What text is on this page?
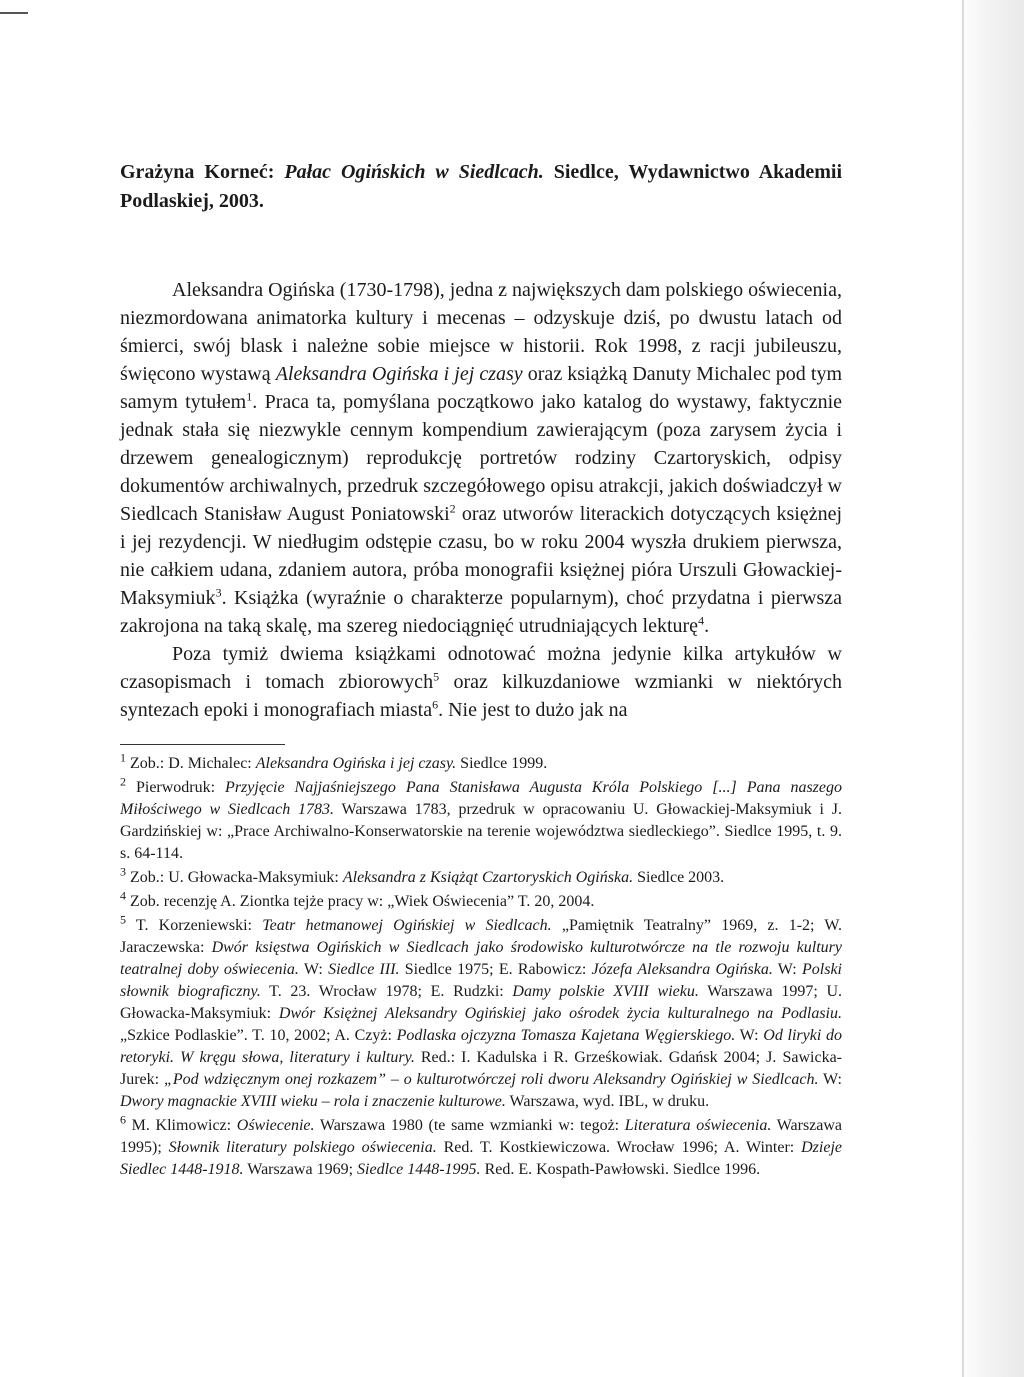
Grażyna Korneć: Pałac Ogińskich w Siedlcach. Siedlce, Wydawnictwo Akademii Podlaskiej, 2003.

Aleksandra Ogińska (1730-1798), jedna z największych dam polskiego oświecenia, niezmordowana animatorka kultury i mecenas – odzyskuje dziś, po dwustu latach od śmierci, swój blask i należne sobie miejsce w historii. Rok 1998, z racji jubileuszu, święcono wystawą Aleksandra Ogińska i jej czasy oraz książką Danuty Michalec pod tym samym tytułem$^1$. Praca ta, pomyślana początkowo jako katalog do wystawy, faktycznie jednak stała się niezwykle cennym kompendium zawierającym (poza zarysem życia i drzewem genealogicznym) reprodukcję portretów rodziny Czartoryskich, odpisy dokumentów archiwalnych, przedruk szczegółowego opisu atrakcji, jakich doświadczył w Siedlcach Stanisław August Poniatowski$^2$ oraz utworów literackich dotyczących księżnej i jej rezydencji. W niedługim odstępie czasu, bo w roku 2004 wyszła drukiem pierwsza, nie całkiem udana, zdaniem autora, próba monografii księżnej pióra Urszuli Głowackiej-Maksymiuk$^3$. Książka (wyraźnie o charakterze popularnym), choć przydatna i pierwsza zakrojona na taką skalę, ma szereg niedociągnięć utrudniających lekturę$^4$.

Poza tymiż dwiema książkami odnotować można jedynie kilka artykułów w czasopismach i tomach zbiorowych$^5$ oraz kilkuzdaniowe wzmianki w niektórych syntezach epoki i monografiach miasta$^6$. Nie jest to dużo jak na

$^1$ Zob.: D. Michalec: Aleksandra Ogińska i jej czasy. Siedlce 1999.

$^2$ Pierwodruk: Przyjęcie Najjaśniejszego Pana Stanisława Augusta Króla Polskiego [...] Pana naszego Miłościwego w Siedlcach 1783. Warszawa 1783, przedruk w opracowaniu U. Głowackiej-Maksymiuk i J. Gardzińskiej w: „Prace Archiwalno-Konserwatorskie na terenie województwa siedleckiego”. Siedlce 1995, t. 9. s. 64-114.

$^3$ Zob.: U. Głowacka-Maksymiuk: Aleksandra z Książąt Czartoryskich Ogińska. Siedlce 2003.

$^4$ Zob. recenzję A. Ziontka tejże pracy w: „Wiek Oświecenia” T. 20, 2004.

$^5$ T. Korzeniewski: Teatr hetmanowej Ogińskiej w Siedlcach. „Pamiętnik Teatralny” 1969, z. 1-2; W. Jaraczewska: Dwór księstwa Ogińskich w Siedlcach jako środowisko kulturotwórcze na tle rozwoju kultury teatralnej doby oświecenia. W: Siedlce III. Siedlce 1975; E. Rabowicz: Józefa Aleksandra Ogińska. W: Polski słownik biograficzny. T. 23. Wrocław 1978; E. Rudzki: Damy polskie XVIII wieku. Warszawa 1997; U. Głowacka-Maksymiuk: Dwór Księżnej Aleksandry Ogińskiej jako ośrodek życia kulturalnego na Podlasiu. „Szkice Podlaskie”. T. 10, 2002; A. Czyż: Podlaska ojczyzna Tomasza Kajetana Węgierskiego. W: Od liryki do retoryki. W kręgu słowa, literatury i kultury. Red.: I. Kadulska i R. Grześkowiak. Gdańsk 2004; J. Sawicka-Jurek: „Pod wdzięcznym onej rozkazem” – o kulturotwórczej roli dworu Aleksandry Ogińskiej w Siedlcach. W: Dwory magnackie XVIII wieku – rola i znaczenie kulturowe. Warszawa, wyd. IBL, w druku.

$^6$ M. Klimowicz: Oświecenie. Warszawa 1980 (te same wzmianki w: tegoż: Literatura oświecenia. Warszawa 1995); Słownik literatury polskiego oświecenia. Red. T. Kostkiewiczowa. Wrocław 1996; A. Winter: Dzieje Siedlec 1448-1918. Warszawa 1969; Siedlce 1448-1995. Red. E. Kospath-Pawłowski. Siedlce 1996.
